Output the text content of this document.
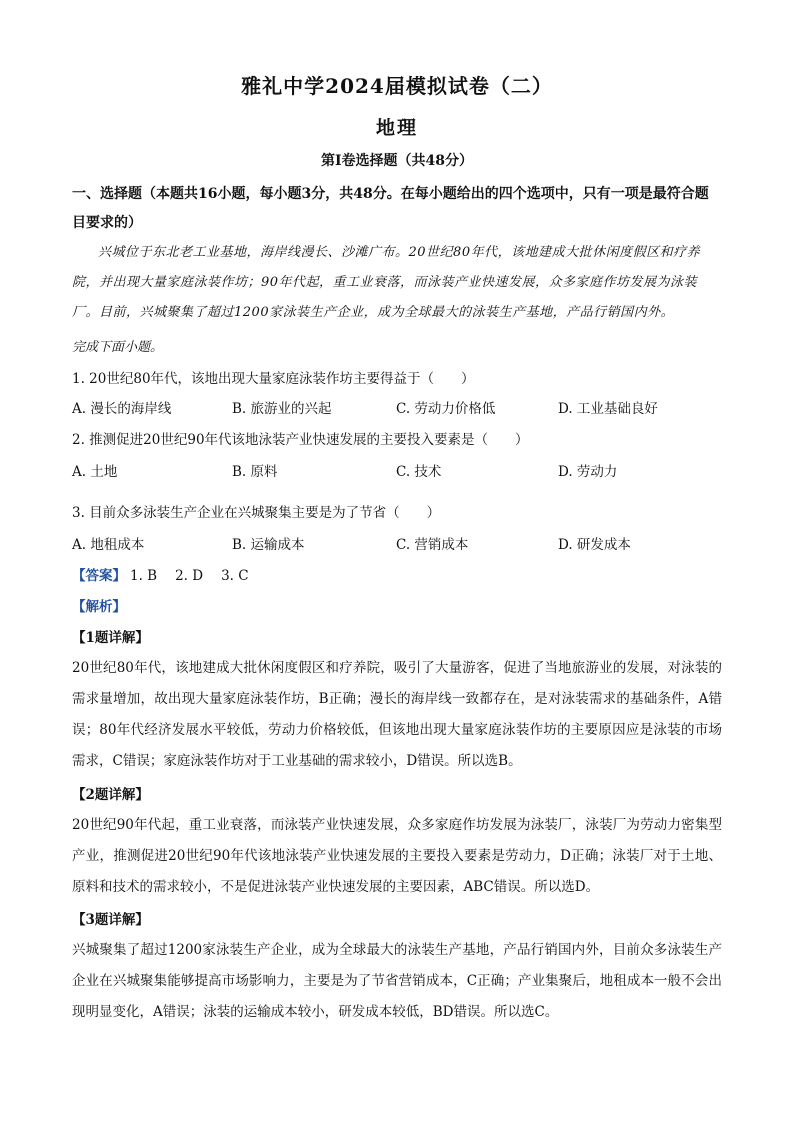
雅礼中学2024届模拟试卷（二）
地理
第Ⅰ卷选择题（共48分）
一、选择题（本题共16小题，每小题3分，共48分。在每小题给出的四个选项中，只有一项是最符合题目要求的）
兴城位于东北老工业基地，海岸线漫长、沙滩广布。20世纪80年代，该地建成大批休闲度假区和疗养院，并出现大量家庭泳装作坊；90年代起，重工业衰落，而泳装产业快速发展，众多家庭作坊发展为泳装厂。目前，兴城聚集了超过1200家泳装生产企业，成为全球最大的泳装生产基地，产品行销国内外。
完成下面小题。
1. 20世纪80年代，该地出现大量家庭泳装作坊主要得益于（　　）
A. 漫长的海岸线	B. 旅游业的兴起	C. 劳动力价格低	D. 工业基础良好
2. 推测促进20世纪90年代该地泳装产业快速发展的主要投入要素是（　　）
A. 土地	B. 原料	C. 技术	D. 劳动力
3. 目前众多泳装生产企业在兴城聚集主要是为了节省（　　）
A. 地租成本	B. 运输成本	C. 营销成本	D. 研发成本
【答案】 1. B 2. D 3. C
【解析】
【1题详解】
20世纪80年代，该地建成大批休闲度假区和疗养院，吸引了大量游客，促进了当地旅游业的发展，对泳装的需求量增加，故出现大量家庭泳装作坊，B正确；漫长的海岸线一致都存在，是对泳装需求的基础条件，A错误；80年代经济发展水平较低，劳动力价格较低，但该地出现大量家庭泳装作坊的主要原因应是泳装的市场需求，C错误；家庭泳装作坊对于工业基础的需求较小，D错误。所以选B。
【2题详解】
20世纪90年代起，重工业衰落，而泳装产业快速发展，众多家庭作坊发展为泳装厂，泳装厂为劳动力密集型产业，推测促进20世纪90年代该地泳装产业快速发展的主要投入要素是劳动力，D正确；泳装厂对于土地、原料和技术的需求较小，不是促进泳装产业快速发展的主要因素，ABC错误。所以选D。
【3题详解】
兴城聚集了超过1200家泳装生产企业，成为全球最大的泳装生产基地，产品行销国内外，目前众多泳装生产企业在兴城聚集能够提高市场影响力，主要是为了节省营销成本，C正确；产业集聚后，地租成本一般不会出现明显变化，A错误；泳装的运输成本较小，研发成本较低，BD错误。所以选C。
